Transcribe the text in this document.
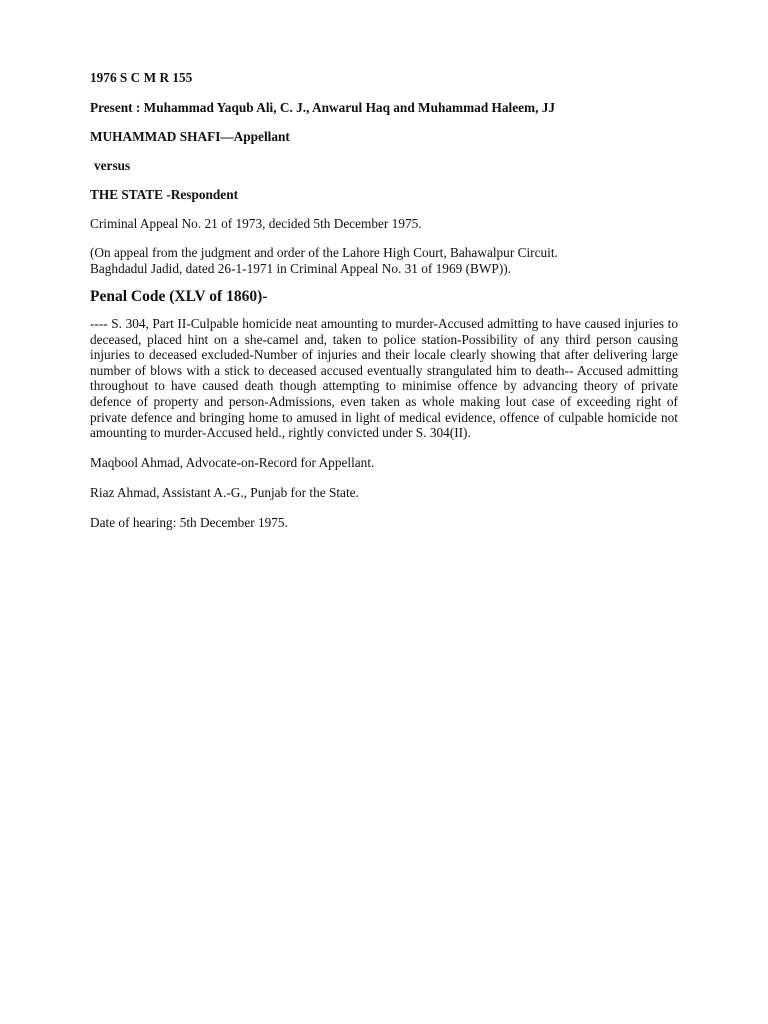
1976 S C M R 155

Present : Muhammad Yaqub Ali, C. J., Anwarul Haq and Muhammad Haleem, JJ

MUHAMMAD SHAFI—Appellant

versus

THE STATE -Respondent

Criminal Appeal No. 21 of 1973, decided 5th December 1975.

(On appeal from the judgment and order of the Lahore High Court, Bahawalpur Circuit.

Baghdadul Jadid, dated 26-1-1971 in Criminal Appeal No. 31 of 1969 (BWP)).

Penal Code (XLV of 1860)-

---- S. 304, Part II-Culpable homicide neat amounting to murder-Accused admitting to have caused injuries to deceased, placed hint on a she-camel and, taken to police station-Possibility of any third person causing injuries to deceased excluded-Number of injuries and their locale clearly showing that after delivering large number of blows with a stick to deceased accused eventually strangulated him to death-- Accused admitting throughout to have caused death though attempting to minimise offence by advancing theory of private defence of property and person-Admissions, even taken as whole making lout case of exceeding right of private defence and bringing home to amused in light of medical evidence, offence of culpable homicide not amounting to murder-Accused held., rightly convicted under S. 304(II).

Maqbool Ahmad, Advocate-on-Record for Appellant.

Riaz Ahmad, Assistant A.-G., Punjab for the State.

Date of hearing: 5th December 1975.
